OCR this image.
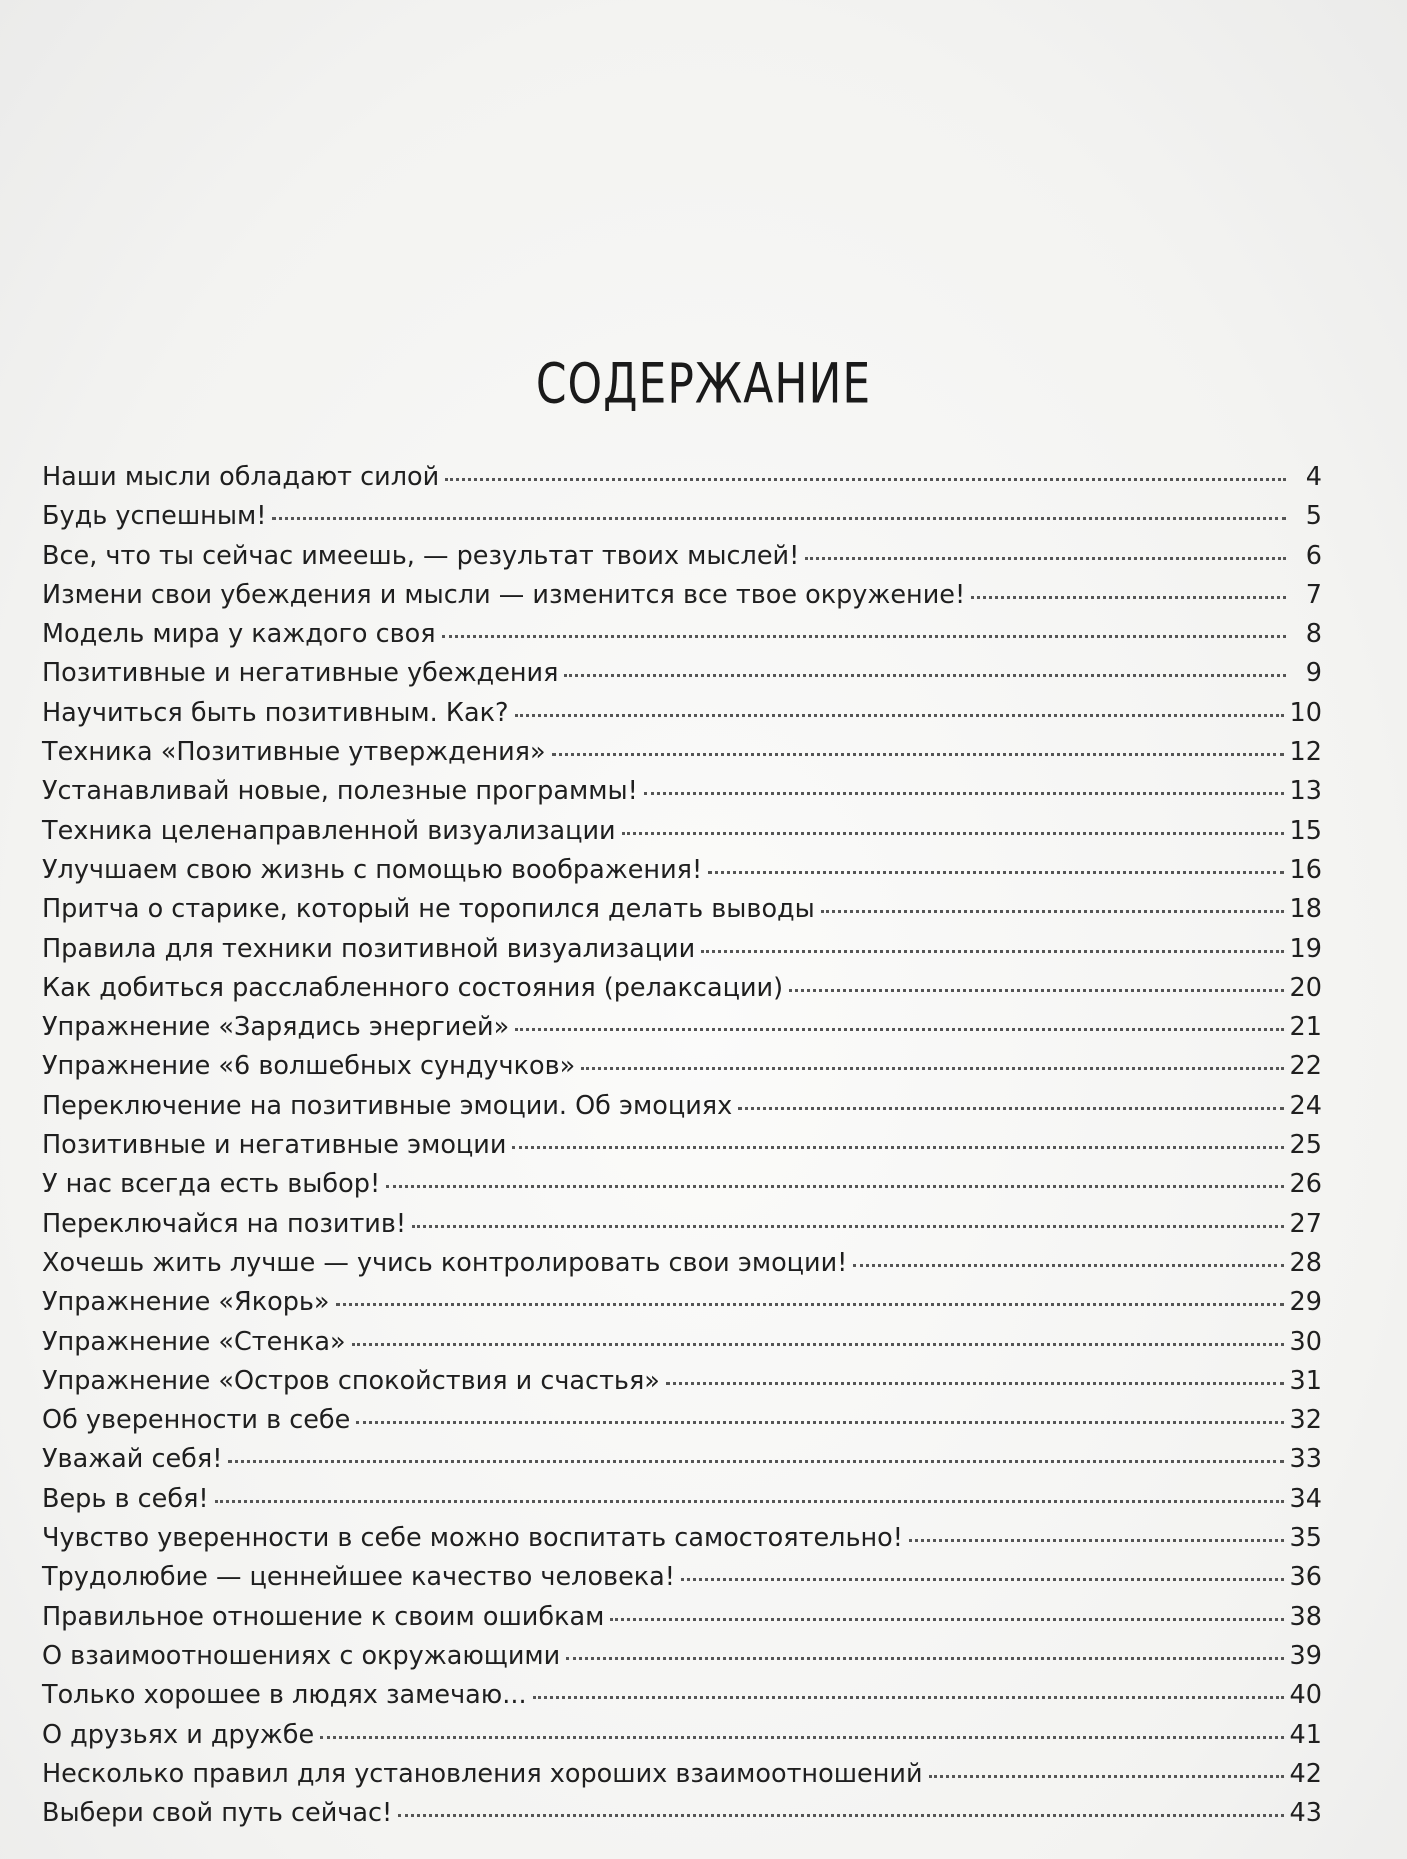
СОДЕРЖАНИЕ
Наши мысли обладают силой	4
Будь успешным!	5
Все, что ты сейчас имеешь, — результат твоих мыслей!	6
Измени свои убеждения и мысли — изменится все твое окружение!	7
Модель мира у каждого своя	8
Позитивные и негативные убеждения	9
Научиться быть позитивным. Как?	10
Техника «Позитивные утверждения»	12
Устанавливай новые, полезные программы!	13
Техника целенаправленной визуализации	15
Улучшаем свою жизнь с помощью воображения!	16
Притча о старике, который не торопился делать выводы	18
Правила для техники позитивной визуализации	19
Как добиться расслабленного состояния (релаксации)	20
Упражнение «Зарядись энергией»	21
Упражнение «6 волшебных сундучков»	22
Переключение на позитивные эмоции. Об эмоциях	24
Позитивные и негативные эмоции	25
У нас всегда есть выбор!	26
Переключайся на позитив!	27
Хочешь жить лучше — учись контролировать свои эмоции!	28
Упражнение «Якорь»	29
Упражнение «Стенка»	30
Упражнение «Остров спокойствия и счастья»	31
Об уверенности в себе	32
Уважай себя!	33
Верь в себя!	34
Чувство уверенности в себе можно воспитать самостоятельно!	35
Трудолюбие — ценнейшее качество человека!	36
Правильное отношение к своим ошибкам	38
О взаимоотношениях с окружающими	39
Только хорошее в людях замечаю...	40
О друзьях и дружбе	41
Несколько правил для установления хороших взаимоотношений	42
Выбери свой путь сейчас!	43
